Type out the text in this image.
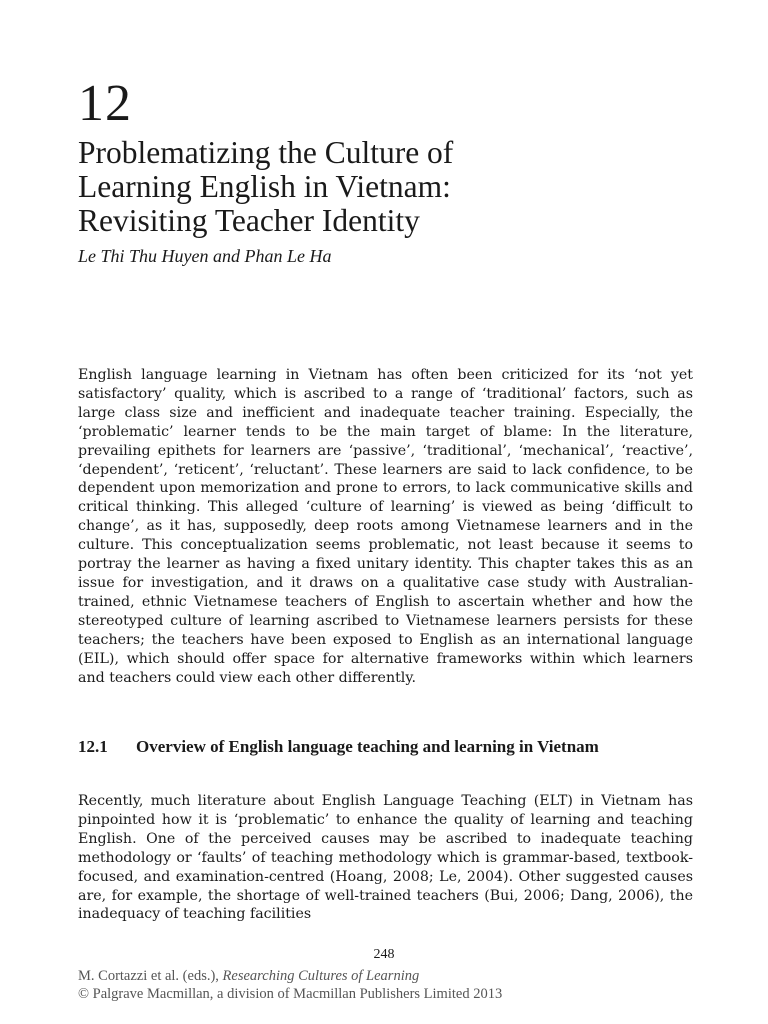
12
Problematizing the Culture of
Learning English in Vietnam:
Revisiting Teacher Identity
Le Thi Thu Huyen and Phan Le Ha

English language learning in Vietnam has often been criticized for its ‘not yet satisfactory’ quality, which is ascribed to a range of ‘traditional’ factors, such as large class size and inefficient and inadequate teacher training. Especially, the ‘problematic’ learner tends to be the main target of blame: In the literature, prevailing epithets for learners are ‘passive’, ‘traditional’, ‘mechanical’, ‘reactive’, ‘dependent’, ‘reticent’, ‘reluctant’. These learners are said to lack confidence, to be dependent upon memorization and prone to errors, to lack communicative skills and critical thinking. This alleged ‘culture of learning’ is viewed as being ‘difficult to change’, as it has, supposedly, deep roots among Vietnamese learners and in the culture. This conceptualization seems problematic, not least because it seems to portray the learner as having a fixed unitary identity. This chapter takes this as an issue for investigation, and it draws on a qualitative case study with Australian-trained, ethnic Vietnamese teachers of English to ascertain whether and how the stereotyped culture of learning ascribed to Vietnamese learners persists for these teachers; the teachers have been exposed to English as an international language (EIL), which should offer space for alternative frameworks within which learners and teachers could view each other differently.

12.1 Overview of English language teaching and learning in Vietnam

Recently, much literature about English Language Teaching (ELT) in Vietnam has pinpointed how it is ‘problematic’ to enhance the quality of learning and teaching English. One of the perceived causes may be ascribed to inadequate teaching methodology or ‘faults’ of teaching methodology which is grammar-based, textbook-focused, and examination-centred (Hoang, 2008; Le, 2004). Other suggested causes are, for example, the shortage of well-trained teachers (Bui, 2006; Dang, 2006), the inadequacy of teaching facilities

248
M. Cortazzi et al. (eds.), Researching Cultures of Learning
© Palgrave Macmillan, a division of Macmillan Publishers Limited 2013
